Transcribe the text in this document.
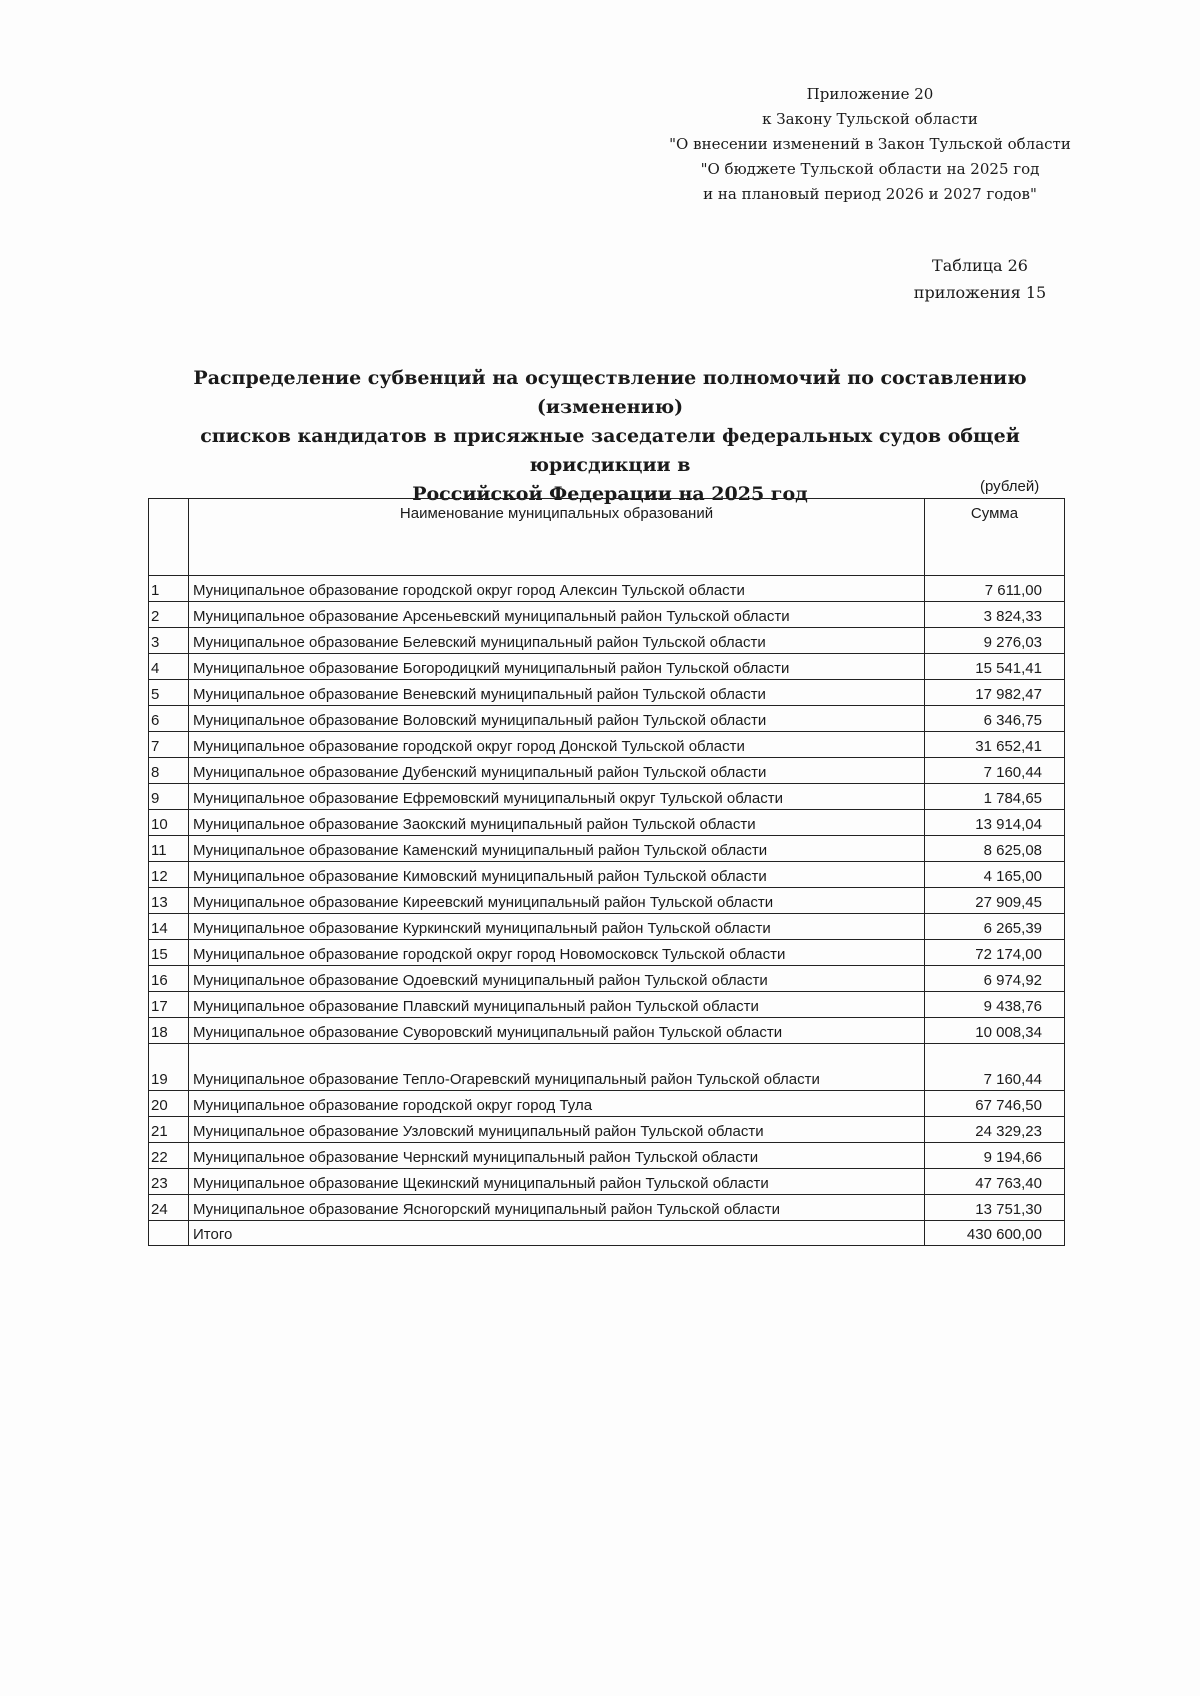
Приложение 20
к Закону Тульской области
"О внесении изменений в Закон Тульской области
"О бюджете Тульской области на 2025 год
и на плановый период 2026 и 2027 годов"
Таблица 26
приложения 15
Распределение субвенций на осуществление полномочий по составлению (изменению)
списков кандидатов в присяжные заседатели федеральных судов общей юрисдикции в
Российской Федерации на 2025 год	(рублей)
	Наименование муниципальных образований	Сумма
1	Муниципальное образование городской округ город Алексин Тульской области	7 611,00
2	Муниципальное образование Арсеньевский муниципальный район Тульской области	3 824,33
3	Муниципальное образование Белевский муниципальный район Тульской области	9 276,03
4	Муниципальное образование Богородицкий муниципальный район Тульской области	15 541,41
5	Муниципальное образование Веневский муниципальный район Тульской области	17 982,47
6	Муниципальное образование Воловский муниципальный район Тульской области	6 346,75
7	Муниципальное образование городской округ город Донской Тульской области	31 652,41
8	Муниципальное образование Дубенский муниципальный район Тульской области	7 160,44
9	Муниципальное образование Ефремовский муниципальный округ Тульской области	1 784,65
10	Муниципальное образование Заокский муниципальный район Тульской области	13 914,04
11	Муниципальное образование Каменский муниципальный район Тульской области	8 625,08
12	Муниципальное образование Кимовский муниципальный район Тульской области	4 165,00
13	Муниципальное образование Киреевский муниципальный район Тульской области	27 909,45
14	Муниципальное образование Куркинский муниципальный район Тульской области	6 265,39
15	Муниципальное образование городской округ город Новомосковск Тульской области	72 174,00
16	Муниципальное образование Одоевский муниципальный район Тульской области	6 974,92
17	Муниципальное образование Плавский муниципальный район Тульской области	9 438,76
18	Муниципальное образование Суворовский муниципальный район Тульской области	10 008,34
19	Муниципальное образование Тепло-Огаревский муниципальный район Тульской области	7 160,44
20	Муниципальное образование городской округ город Тула	67 746,50
21	Муниципальное образование Узловский муниципальный район Тульской области	24 329,23
22	Муниципальное образование Чернский муниципальный район Тульской области	9 194,66
23	Муниципальное образование Щекинский муниципальный район Тульской области	47 763,40
24	Муниципальное образование Ясногорский муниципальный район Тульской области	13 751,30
	Итого	430 600,00
